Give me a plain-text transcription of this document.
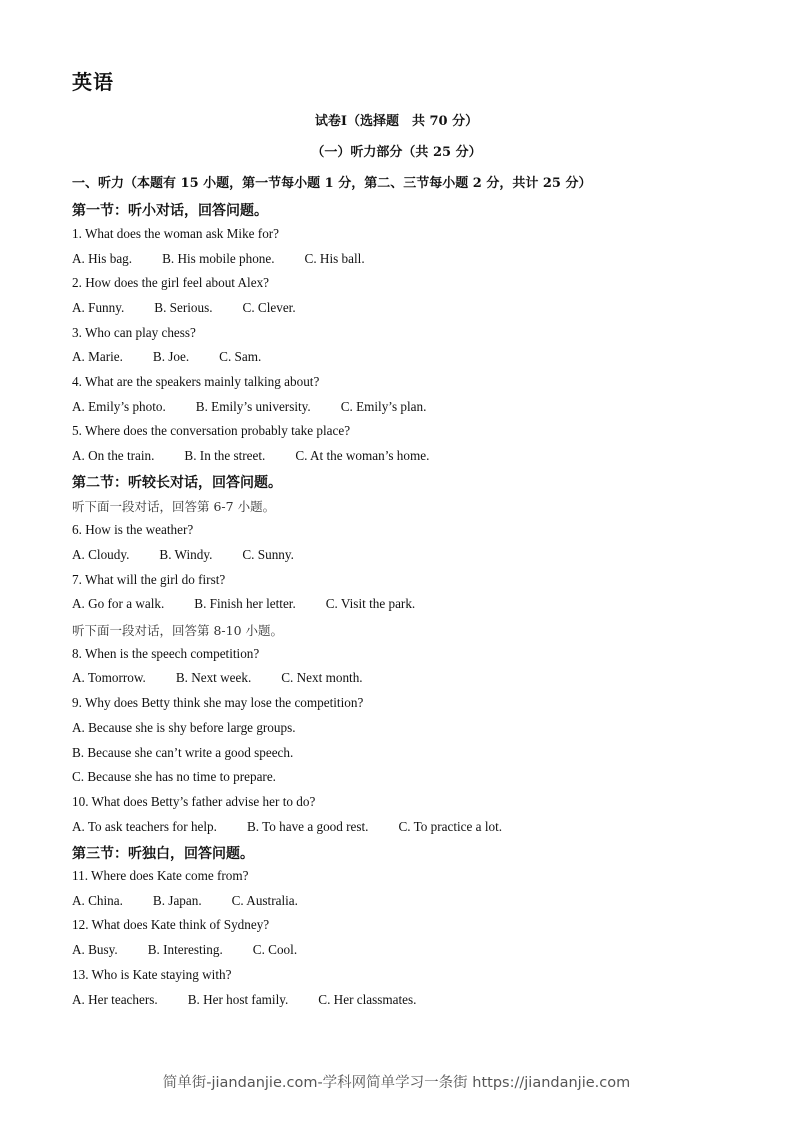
英语
试卷Ⅰ（选择题　共 70 分）
（一）听力部分（共 25 分）
一、听力（本题有 15 小题，第一节每小题 1 分，第二、三节每小题 2 分，共计 25 分）
第一节：听小对话，回答问题。
1. What does the woman ask Mike for?
A. His bag. B. His mobile phone. C. His ball.
2. How does the girl feel about Alex?
A. Funny. B. Serious. C. Clever.
3. Who can play chess?
A. Marie. B. Joe. C. Sam.
4. What are the speakers mainly talking about?
A. Emily’s photo. B. Emily’s university. C. Emily’s plan.
5. Where does the conversation probably take place?
A. On the train. B. In the street. C. At the woman’s home.
第二节：听较长对话，回答问题。
听下面一段对话，回答第 6-7 小题。
6. How is the weather?
A. Cloudy. B. Windy. C. Sunny.
7. What will the girl do first?
A. Go for a walk. B. Finish her letter. C. Visit the park.
听下面一段对话，回答第 8-10 小题。
8. When is the speech competition?
A. Tomorrow. B. Next week. C. Next month.
9. Why does Betty think she may lose the competition?
A. Because she is shy before large groups.
B. Because she can’t write a good speech.
C. Because she has no time to prepare.
10. What does Betty’s father advise her to do?
A. To ask teachers for help. B. To have a good rest. C. To practice a lot.
第三节：听独白，回答问题。
11. Where does Kate come from?
A. China. B. Japan. C. Australia.
12. What does Kate think of Sydney?
A. Busy. B. Interesting. C. Cool.
13. Who is Kate staying with?
A. Her teachers. B. Her host family. C. Her classmates.
简单街-jiandanjie.com-学科网简单学习一条街 https://jiandanjie.com
